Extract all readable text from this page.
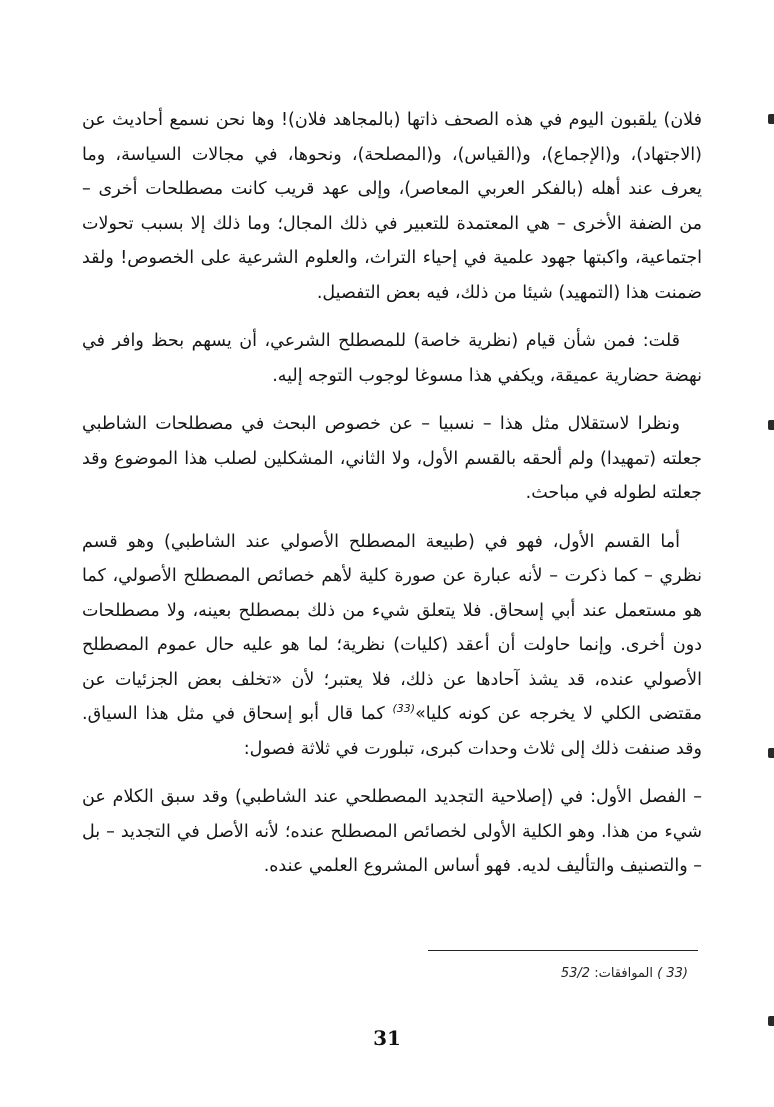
فلان) يلقبون اليوم في هذه الصحف ذاتها (بالمجاهد فلان)! وها نحن نسمع أحاديث عن (الاجتهاد)، و(الإجماع)، و(القياس)، و(المصلحة)، ونحوها، في مجالات السياسة، وما يعرف عند أهله (بالفكر العربي المعاصر)، وإلى عهد قريب كانت مصطلحات أخرى – من الضفة الأخرى – هي المعتمدة للتعبير في ذلك المجال؛ وما ذلك إلا بسبب تحولات اجتماعية، واكبتها جهود علمية في إحياء التراث، والعلوم الشرعية على الخصوص! ولقد ضمنت هذا (التمهيد) شيئا من ذلك، فيه بعض التفصيل.

قلت: فمن شأن قيام (نظرية خاصة) للمصطلح الشرعي، أن يسهم بحظ وافر في نهضة حضارية عميقة، ويكفي هذا مسوغا لوجوب التوجه إليه.

ونظرا لاستقلال مثل هذا – نسبيا – عن خصوص البحث في مصطلحات الشاطبي جعلته (تمهيدا) ولم ألحقه بالقسم الأول، ولا الثاني، المشكلين لصلب هذا الموضوع وقد جعلته لطوله في مباحث.

أما القسم الأول، فهو في (طبيعة المصطلح الأصولي عند الشاطبي) وهو قسم نظري – كما ذكرت – لأنه عبارة عن صورة كلية لأهم خصائص المصطلح الأصولي، كما هو مستعمل عند أبي إسحاق. فلا يتعلق شيء من ذلك بمصطلح بعينه، ولا مصطلحات دون أخرى. وإنما حاولت أن أعقد (كليات) نظرية؛ لما هو عليه حال عموم المصطلح الأصولي عنده، قد يشذ آحادها عن ذلك، فلا يعتبر؛ لأن «تخلف بعض الجزئيات عن مقتضى الكلي لا يخرجه عن كونه كليا»$^{(33)}$ كما قال أبو إسحاق في مثل هذا السياق. وقد صنفت ذلك إلى ثلاث وحدات كبرى، تبلورت في ثلاثة فصول:

– الفصل الأول: في (إصلاحية التجديد المصطلحي عند الشاطبي) وقد سبق الكلام عن شيء من هذا. وهو الكلية الأولى لخصائص المصطلح عنده؛ لأنه الأصل في التجديد – بل – والتصنيف والتأليف لديه. فهو أساس المشروع العلمي عنده.

(33 ) الموافقات: 53/2
31
